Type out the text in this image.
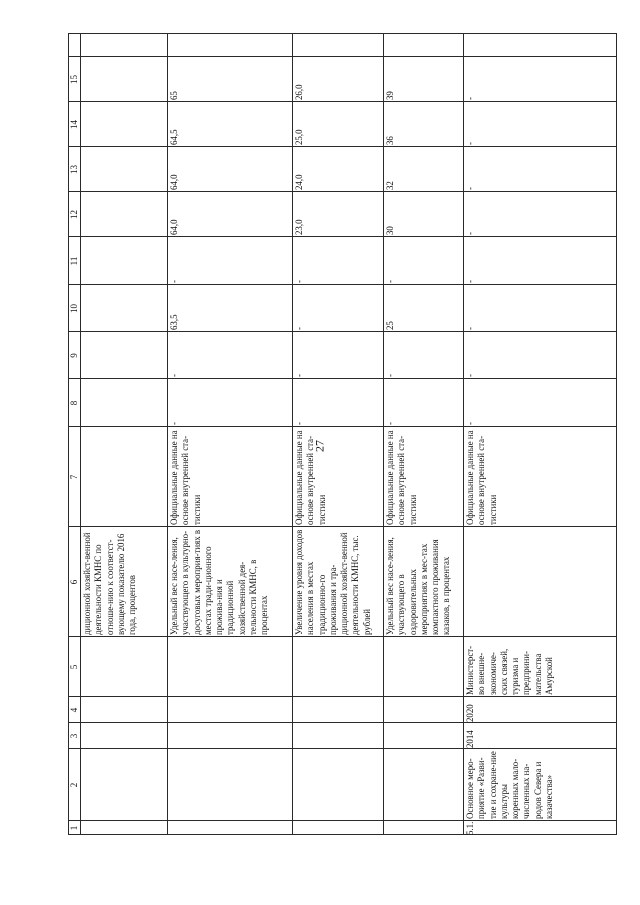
27
1
2
3
4
5
6
7
8
9
10
11
12
13
14
15
диционной хозяйст-венной деятельности КМНС по отноше-нию к соответст-вующему показателю 2016 года, процентов	Удельный вес насе-ления, участвующего в культурно-досуговых мероприя-тиях в местах тради-ционного прожива-ния и традиционной хозяйственной дея-тельности КМНС, в процентах
Официальные данные на основе внутренней ста-тистики
-
-
63,5
-
64,0
64,0
64,5
65
Увеличение уровня доходов населения в местах традиционно-го проживания и тра-диционной хозяйст-венной деятельности КМНС, тыс. рублей
Официальные данные на основе внутренней ста-тистики
-
-
-
-
23,0
24,0
25,0
26,0
Удельный вес насе-ления, участвующего в оздоровительных мероприятиях в мес-тах компактного проживания казаков, в процентах
Официальные данные на основе внутренней ста-тистики
-
-
25
-
30
32
36
39
5.1.
Основное меро-приятие «Разви-тие и сохране-ние культуры коренных мало-численных на-родов Севера и казачества»
2014
2020
Министерст-во внешне-экономиче-ских связей, туризма и предприни-мательства Амурской
Официальные данные на основе внутренней ста-тистики
-
-
-
-
-
-
-
-
